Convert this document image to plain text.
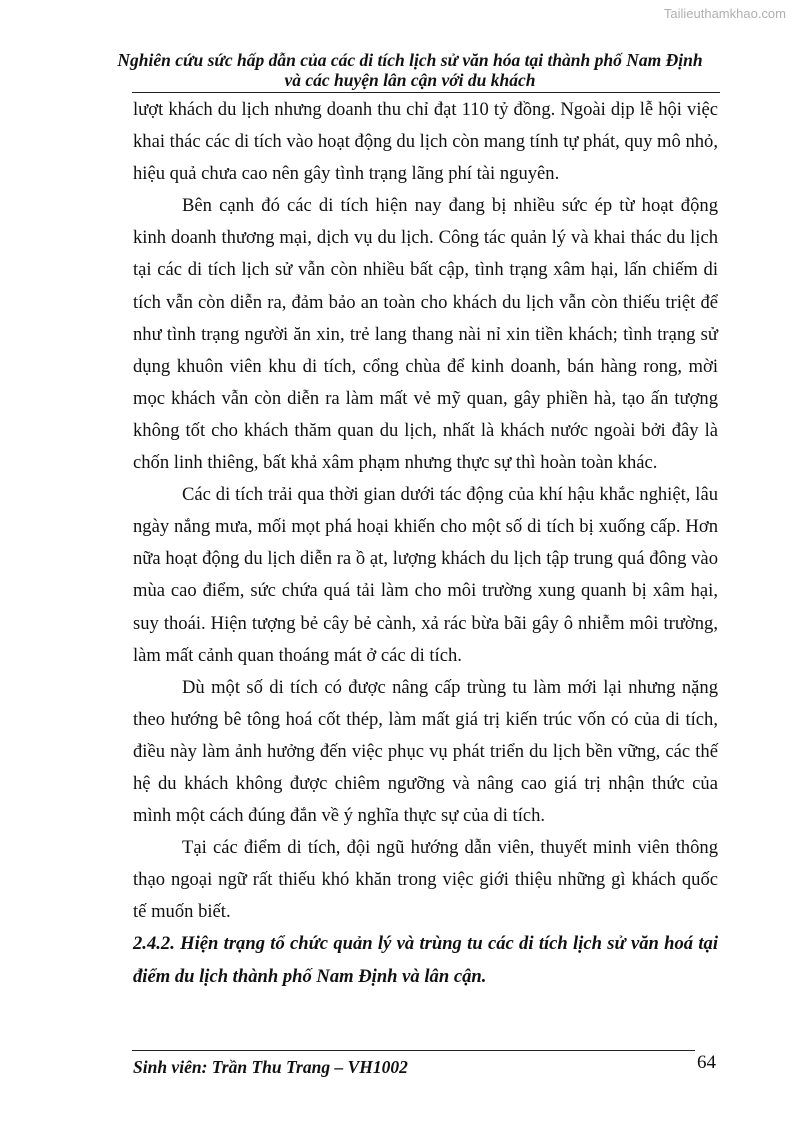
Tailieuthamkhao.com
Nghiên cứu sức hấp dẫn của các di tích lịch sử văn hóa tại thành phố Nam Định và các huyện lân cận với du khách

lượt khách du lịch nhưng doanh thu chỉ đạt 110 tỷ đồng. Ngoài dịp lễ hội việc khai thác các di tích vào hoạt động du lịch còn mang tính tự phát, quy mô nhỏ, hiệu quả chưa cao nên gây tình trạng lãng phí tài nguyên.

Bên cạnh đó các di tích hiện nay đang bị nhiều sức ép từ hoạt động kinh doanh thương mại, dịch vụ du lịch. Công tác quản lý và khai thác du lịch tại các di tích lịch sử vẫn còn nhiều bất cập, tình trạng xâm hại, lấn chiếm di tích vẫn còn diễn ra, đảm bảo an toàn cho khách du lịch vẫn còn thiếu triệt để như tình trạng người ăn xin, trẻ lang thang nài nỉ xin tiền khách; tình trạng sử dụng khuôn viên khu di tích, cổng chùa để kinh doanh, bán hàng rong, mời mọc khách vẫn còn diễn ra làm mất vẻ mỹ quan, gây phiền hà, tạo ấn tượng không tốt cho khách thăm quan du lịch, nhất là khách nước ngoài bởi đây là chốn linh thiêng, bất khả xâm phạm nhưng thực sự thì hoàn toàn khác.

Các di tích trải qua thời gian dưới tác động của khí hậu khắc nghiệt, lâu ngày nắng mưa, mối mọt phá hoại khiến cho một số di tích bị xuống cấp. Hơn nữa hoạt động du lịch diễn ra ồ ạt, lượng khách du lịch tập trung quá đông vào mùa cao điểm, sức chứa quá tải làm cho môi trường xung quanh bị xâm hại, suy thoái. Hiện tượng bẻ cây bẻ cành, xả rác bừa bãi gây ô nhiễm môi trường, làm mất cảnh quan thoáng mát ở các di tích.

Dù một số di tích có được nâng cấp trùng tu làm mới lại nhưng nặng theo hướng bê tông hoá cốt thép, làm mất giá trị kiến trúc vốn có của di tích, điều này làm ảnh hưởng đến việc phục vụ phát triển du lịch bền vững, các thế hệ du khách không được chiêm ngưỡng và nâng cao giá trị nhận thức của mình một cách đúng đắn về ý nghĩa thực sự của di tích.

Tại các điểm di tích, đội ngũ hướng dẫn viên, thuyết minh viên thông thạo ngoại ngữ rất thiếu khó khăn trong việc giới thiệu những gì khách quốc tế muốn biết.

2.4.2. Hiện trạng tổ chức quản lý và trùng tu các di tích lịch sử văn hoá tại điểm du lịch thành phố Nam Định và lân cận.

Sinh viên: Trần Thu Trang – VH1002	64
